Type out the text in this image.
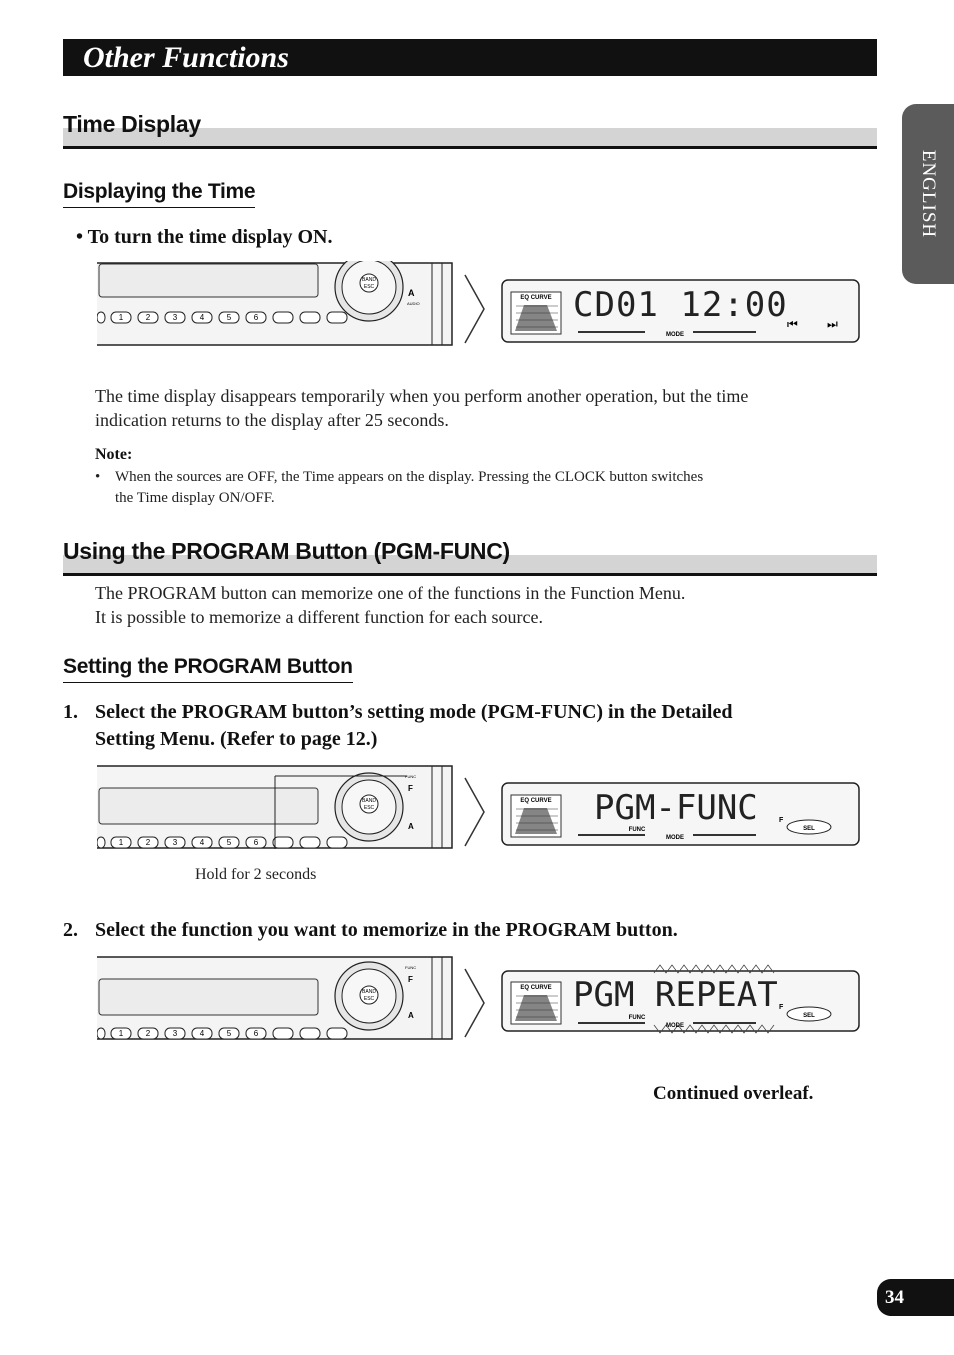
Other Functions
ENGLISH
Time Display
Displaying the Time
• To turn the time display ON.
BAND
ESC
A
AUDIO
1	2	3	4	5	6
EQ CURVE CD01 12:00
MODE
⏮ ⏭
The time display disappears temporarily when you perform another operation, but the time
indication returns to the display after 25 seconds.
Note:
• When the sources are OFF, the Time appears on the display. Pressing the CLOCK button switches
the Time display ON/OFF.
Using the PROGRAM Button (PGM-FUNC)
The PROGRAM button can memorize one of the functions in the Function Menu.
It is possible to memorize a different function for each source.
Setting the PROGRAM Button
1. Select the PROGRAM button’s setting mode (PGM-FUNC) in the Detailed
Setting Menu. (Refer to page 12.)
BAND
ESC
FUNC
F
A
1	2	3	4	5	6
EQ CURVE PGM-FUNC
FUNC
MODE
F
SEL
Hold for 2 seconds
2. Select the function you want to memorize in the PROGRAM button.
BAND
ESC
FUNC
F
A
1	2	3	4	5	6
EQ CURVE PGM REPEAT
FUNC
MODE
F
SEL
Continued overleaf.
34
